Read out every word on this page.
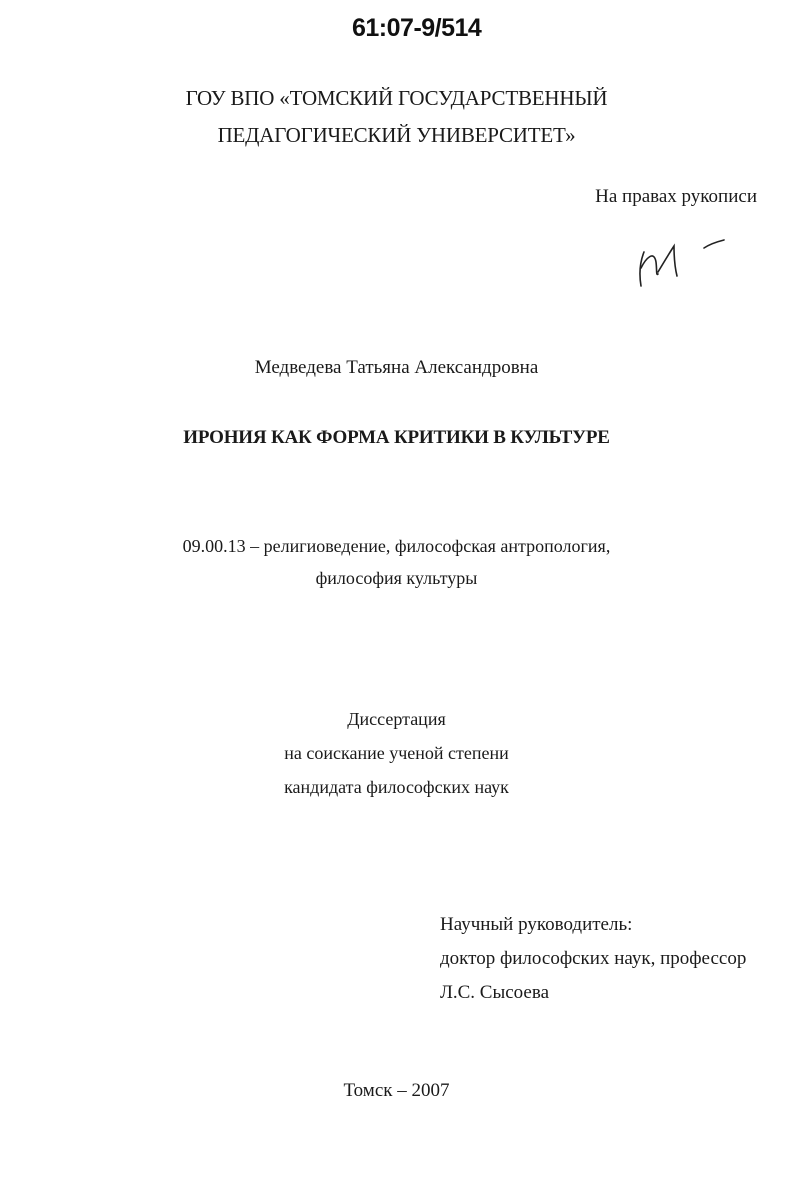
61:07-9/514
ГОУ ВПО «ТОМСКИЙ ГОСУДАРСТВЕННЫЙ
ПЕДАГОГИЧЕСКИЙ УНИВЕРСИТЕТ»
На правах рукописи
Медведева Татьяна Александровна
ИРОНИЯ КАК ФОРМА КРИТИКИ В КУЛЬТУРЕ
09.00.13 – религиоведение, философская антропология,
философия культуры
Диссертация
на соискание ученой степени
кандидата философских наук
Научный руководитель:
доктор философских наук, профессор
Л.С. Сысоева
Томск – 2007
